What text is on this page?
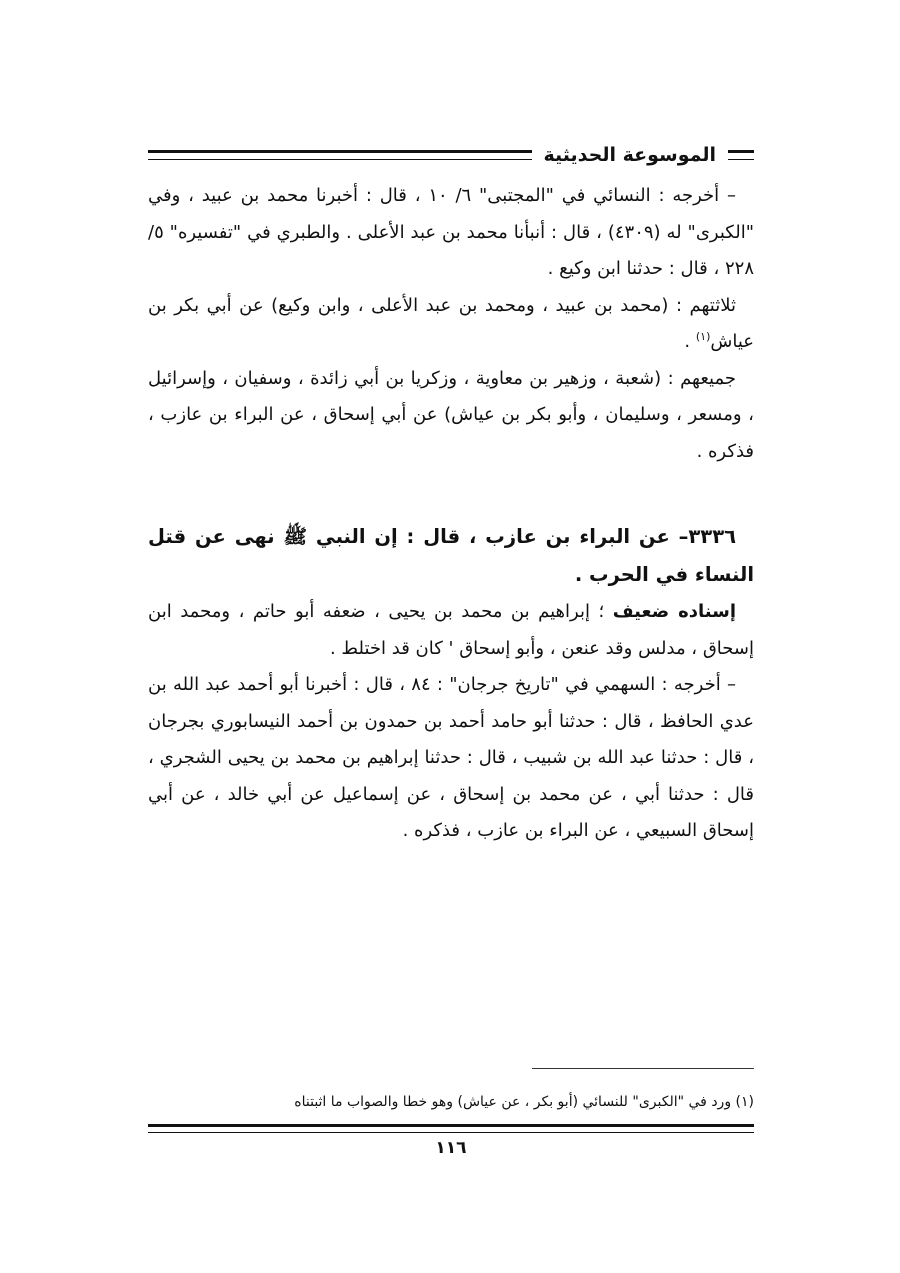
الموسوعة الحديثية

– أخرجه : النسائي في "المجتبى" ٦/ ١٠ ، قال : أخبرنا محمد بن عبيد ، وفي "الكبرى" له (٤٣٠٩) ، قال : أنبأنا محمد بن عبد الأعلى . والطبري في "تفسيره" ٥/ ٢٢٨ ، قال : حدثنا ابن وكيع .

ثلاثتهم : (محمد بن عبيد ، ومحمد بن عبد الأعلى ، وابن وكيع) عن أبي بكر بن عياش$^{(١)}$ .

جميعهم : (شعبة ، وزهير بن معاوية ، وزكريا بن أبي زائدة ، وسفيان ، وإسرائيل ، ومسعر ، وسليمان ، وأبو بكر بن عياش) عن أبي إسحاق ، عن البراء بن عازب ، فذكره .

٣٣٣٦– عن البراء بن عازب ، قال : إن النبي ﷺ نهى عن قتل النساء في الحرب .

إسناده ضعيف ؛ إبراهيم بن محمد بن يحيى ، ضعفه أبو حاتم ، ومحمد ابن إسحاق ، مدلس وقد عنعن ، وأبو إسحاق ' كان قد اختلط .

– أخرجه : السهمي في "تاريخ جرجان" : ٨٤ ، قال : أخبرنا أبو أحمد عبد الله بن عدي الحافظ ، قال : حدثنا أبو حامد أحمد بن حمدون بن أحمد النيسابوري بجرجان ، قال : حدثنا عبد الله بن شبيب ، قال : حدثنا إبراهيم بن محمد بن يحيى الشجري ، قال : حدثنا أبي ، عن محمد بن إسحاق ، عن إسماعيل عن أبي خالد ، عن أبي إسحاق السبيعي ، عن البراء بن عازب ، فذكره .

(١) ورد في "الكبرى" للنسائي (أبو بكر ، عن عياش) وهو خطا والصواب ما اثبتناه
١١٦
